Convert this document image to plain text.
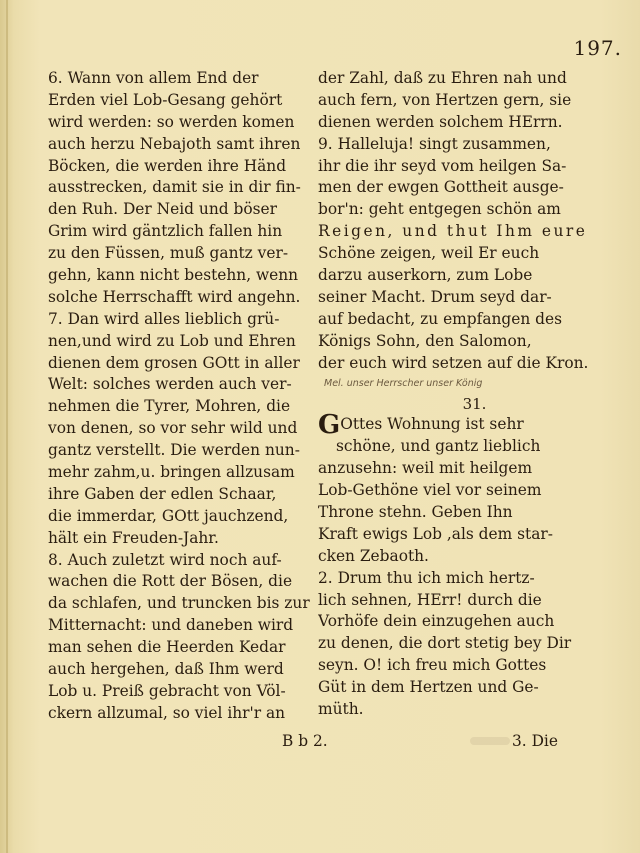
197.
6. Wann von allem End der
Erden viel Lob-Gesang gehört
wird werden: so werden komen
auch herzu Nebajoth samt ihren
Böcken, die werden ihre Händ
ausstrecken, damit sie in dir fin-
den Ruh. Der Neid und böser
Grim wird gäntzlich fallen hin
zu den Füssen, muß gantz ver-
gehn, kann nicht bestehn, wenn
solche Herrschafft wird angehn.
7. Dan wird alles lieblich grü-
nen,und wird zu Lob und Ehren
dienen dem grosen GOtt in aller
Welt: solches werden auch ver-
nehmen die Tyrer, Mohren, die
von denen, so vor sehr wild und
gantz verstellt. Die werden nun-
mehr zahm,u. bringen allzusam
ihre Gaben der edlen Schaar,
die immerdar, GOtt jauchzend,
hält ein Freuden-Jahr.
8. Auch zuletzt wird noch auf-
wachen die Rott der Bösen, die
da schlafen, und truncken bis zur
Mitternacht: und daneben wird
man sehen die Heerden Kedar
auch hergehen, daß Ihm werd
Lob u. Preiß gebracht von Völ-
ckern allzumal, so viel ihr'r an
der Zahl, daß zu Ehren nah und
auch fern, von Hertzen gern, sie
dienen werden solchem HErrn.
9. Halleluja! singt zusammen,
ihr die ihr seyd vom heilgen Sa-
men der ewgen Gottheit ausge-
bor'n: geht entgegen schön am
Reigen, und thut Ihm eure
Schöne zeigen, weil Er euch
darzu auserkorn, zum Lobe
seiner Macht. Drum seyd dar-
auf bedacht, zu empfangen des
Königs Sohn, den Salomon,
der euch wird setzen auf die Kron.
Mel. unser Herrscher unser König
31.
GOttes Wohnung ist sehr
schöne, und gantz lieblich
anzusehn: weil mit heilgem
Lob-Gethöne viel vor seinem
Throne stehn. Geben Ihn
Kraft ewigs Lob ,als dem star-
cken Zebaoth.
2. Drum thu ich mich hertz-
lich sehnen, HErr! durch die
Vorhöfe dein einzugehen auch
zu denen, die dort stetig bey Dir
seyn. O! ich freu mich Gottes
Güt in dem Hertzen und Ge-
müth.
B b 2.	3. Die
